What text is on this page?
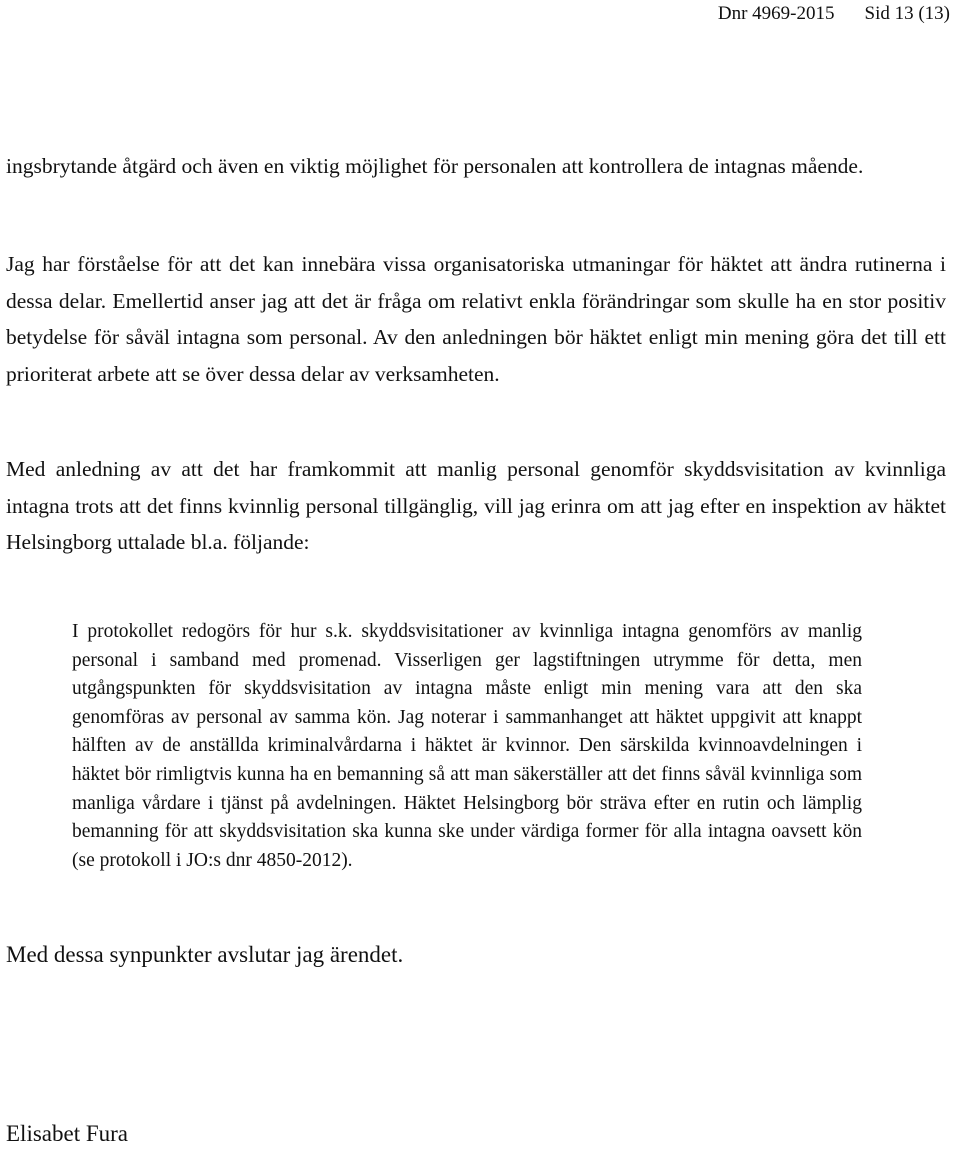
Dnr 4969-2015 Sid 13 (13)

ingsbrytande åtgärd och även en viktig möjlighet för personalen att kontrollera de intagnas mående.

Jag har förståelse för att det kan innebära vissa organisatoriska utmaningar för häktet att ändra rutinerna i dessa delar. Emellertid anser jag att det är fråga om relativt enkla förändringar som skulle ha en stor positiv betydelse för såväl intagna som personal. Av den anledningen bör häktet enligt min mening göra det till ett prioriterat arbete att se över dessa delar av verksamheten.

Med anledning av att det har framkommit att manlig personal genomför skyddsvisitation av kvinnliga intagna trots att det finns kvinnlig personal tillgänglig, vill jag erinra om att jag efter en inspektion av häktet Helsingborg uttalade bl.a. följande:

I protokollet redogörs för hur s.k. skyddsvisitationer av kvinnliga intagna genomförs av manlig personal i samband med promenad. Visserligen ger lagstiftningen utrymme för detta, men utgångspunkten för skyddsvisitation av intagna måste enligt min mening vara att den ska genomföras av personal av samma kön. Jag noterar i sammanhanget att häktet uppgivit att knappt hälften av de anställda kriminalvårdarna i häktet är kvinnor. Den särskilda kvinnoavdelningen i häktet bör rimligtvis kunna ha en bemanning så att man säkerställer att det finns såväl kvinnliga som manliga vårdare i tjänst på avdelningen. Häktet Helsingborg bör sträva efter en rutin och lämplig bemanning för att skyddsvisitation ska kunna ske under värdiga former för alla intagna oavsett kön (se protokoll i JO:s dnr 4850-2012).

Med dessa synpunkter avslutar jag ärendet.

Elisabet Fura
